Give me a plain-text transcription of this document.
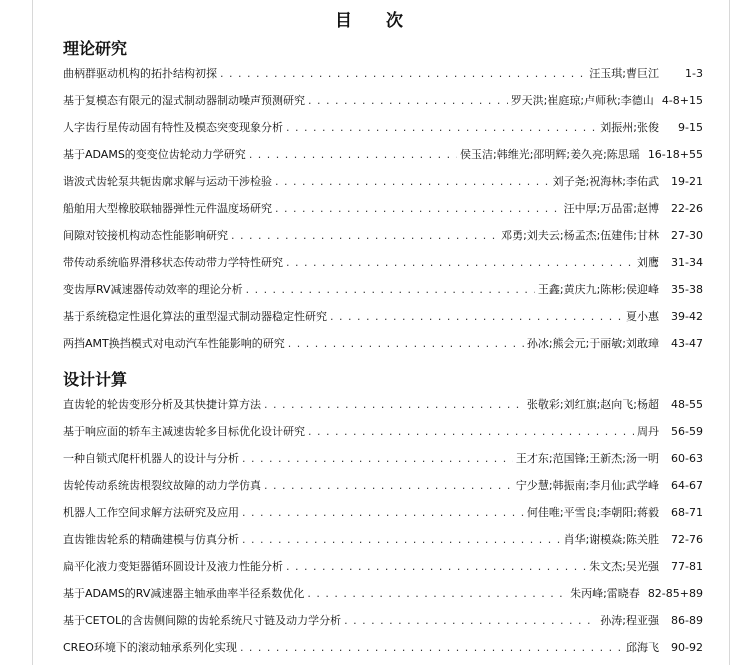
目 次
理论研究
曲柄群驱动机构的拓扑结构初探 . . .	汪玉琪;曹巨江	1-3
基于复模态有限元的湿式制动器制动噪声预测研究 . . .	罗天洪;崔庭琼;卢师秋;李德山 4-8+15
人字齿行星传动固有特性及模态突变现象分析 . . .	刘振州;张俊	9-15
基于ADAMS的变变位齿轮动力学研究 . . .	侯玉洁;韩维光;邵明辉;姜久亮;陈思瑶 16-18+55
谐波式齿轮泵共轭齿廓求解与运动干涉检验 . . .	刘子尧;祝海林;李佑武	19-21
船舶用大型橡胶联轴器弹性元件温度场研究 . . .	汪中厚;万品雷;赵博	22-26
间隙对铰接机构动态性能影响研究 . . .	邓勇;刘夫云;杨孟杰;伍建伟;甘林	27-30
带传动系统临界滑移状态传动带力学特性研究 . . .	刘鹰	31-34
变齿厚RV减速器传动效率的理论分析 . . .	王鑫;黄庆九;陈彬;侯迎峰	35-38
基于系统稳定性退化算法的重型湿式制动器稳定性研究 . . .	夏小惠	39-42
两挡AMT换挡模式对电动汽车性能影响的研究 . . .	孙冰;熊会元;于丽敏;刘敢璋	43-47
设计计算
直齿轮的轮齿变形分析及其快捷计算方法 . . .	张敬彩;刘红旗;赵向飞;杨超	48-55
基于响应面的轿车主减速齿轮多目标优化设计研究 . . .	周丹	56-59
一种自锁式爬杆机器人的设计与分析 . . .	王才东;范国锋;王新杰;汤一明	60-63
齿轮传动系统齿根裂纹故障的动力学仿真 . . .	宁少慧;韩振南;李月仙;武学峰	64-67
机器人工作空间求解方法研究及应用 . . .	何佳唯;平雪良;李朝阳;蒋毅	68-71
直齿锥齿轮系的精确建模与仿真分析 . . .	肖华;谢模焱;陈关胜	72-76
扁平化液力变矩器循环圆设计及液力性能分析 . . .	朱文杰;吴光强	77-81
基于ADAMS的RV减速器主轴承曲率半径系数优化 . . .	朱丙峰;雷晓春 82-85+89
基于CETOL的含齿侧间隙的齿轮系统尺寸链及动力学分析 . . .	孙涛;程亚强	86-89
CREO环境下的滚动轴承系列化实现 . . .	邱海飞	90-92
